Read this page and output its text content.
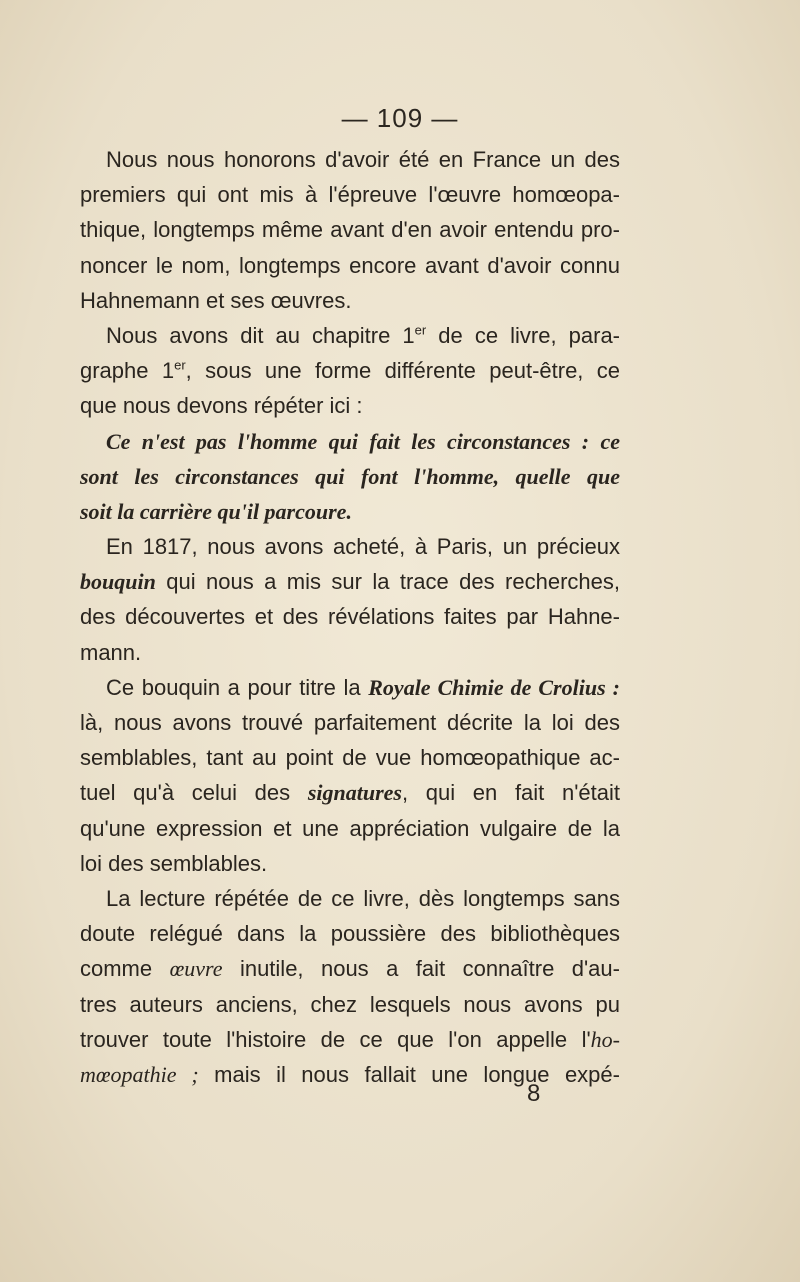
— 109 —
Nous nous honorons d'avoir été en France un des
premiers qui ont mis à l'épreuve l'œuvre homœopa-
thique, longtemps même avant d'en avoir entendu pro-
noncer le nom, longtemps encore avant d'avoir connu
Hahnemann et ses œuvres.
Nous avons dit au chapitre 1er de ce livre, para-
graphe 1er, sous une forme différente peut-être, ce
que nous devons répéter ici :
Ce n'est pas l'homme qui fait les circonstances : ce
sont les circonstances qui font l'homme, quelle que
soit la carrière qu'il parcoure.
En 1817, nous avons acheté, à Paris, un précieux
bouquin qui nous a mis sur la trace des recherches,
des découvertes et des révélations faites par Hahne-
mann.
Ce bouquin a pour titre la Royale Chimie de Crolius :
là, nous avons trouvé parfaitement décrite la loi des
semblables, tant au point de vue homœopathique ac-
tuel qu'à celui des signatures, qui en fait n'était
qu'une expression et une appréciation vulgaire de la
loi des semblables.
La lecture répétée de ce livre, dès longtemps sans
doute relégué dans la poussière des bibliothèques
comme œuvre inutile, nous a fait connaître d'au-
tres auteurs anciens, chez lesquels nous avons pu
trouver toute l'histoire de ce que l'on appelle l'ho-
mœopathie ; mais il nous fallait une longue expé-
8
